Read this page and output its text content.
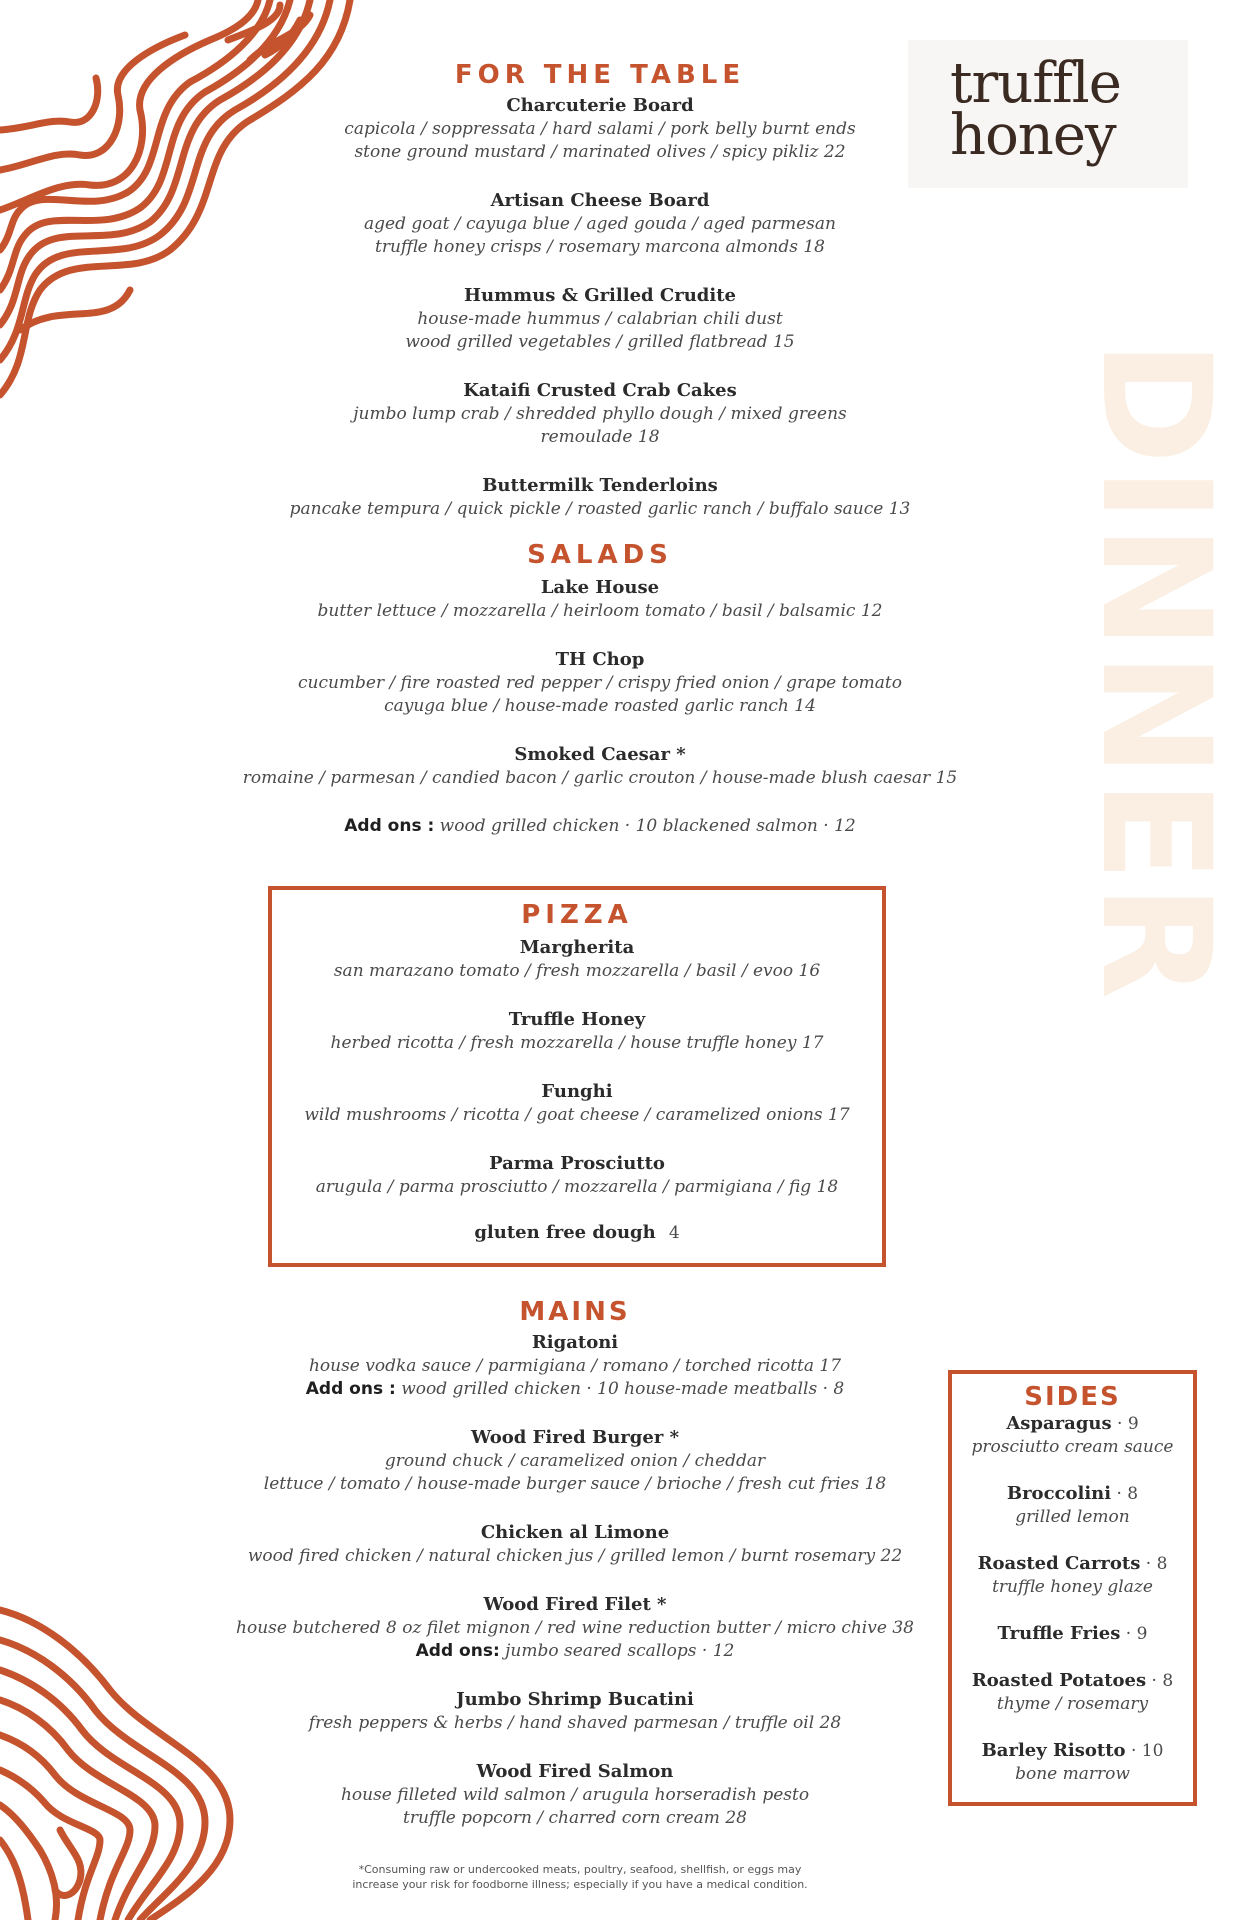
truffle
honey
DINNER
FOR THE TABLE
Charcuterie Board
capicola / soppressata / hard salami / pork belly burnt ends
stone ground mustard / marinated olives / spicy pikliz 22
Artisan Cheese Board
aged goat / cayuga blue / aged gouda / aged parmesan
truffle honey crisps / rosemary marcona almonds 18
Hummus & Grilled Crudite
house-made hummus / calabrian chili dust
wood grilled vegetables / grilled flatbread 15
Kataifi Crusted Crab Cakes
jumbo lump crab / shredded phyllo dough / mixed greens
remoulade 18
Buttermilk Tenderloins
pancake tempura / quick pickle / roasted garlic ranch / buffalo sauce 13
SALADS
Lake House
butter lettuce / mozzarella / heirloom tomato / basil / balsamic 12
TH Chop
cucumber / fire roasted red pepper / crispy fried onion / grape tomato
cayuga blue / house-made roasted garlic ranch 14
Smoked Caesar *
romaine / parmesan / candied bacon / garlic crouton / house-made blush caesar 15
Add ons : wood grilled chicken · 10 blackened salmon · 12
PIZZA
Margherita
san marazano tomato / fresh mozzarella / basil / evoo 16
Truffle Honey
herbed ricotta / fresh mozzarella / house truffle honey 17
Funghi
wild mushrooms / ricotta / goat cheese / caramelized onions 17
Parma Prosciutto
arugula / parma prosciutto / mozzarella / parmigiana / fig 18
gluten free dough 4
MAINS
Rigatoni
house vodka sauce / parmigiana / romano / torched ricotta 17
Add ons : wood grilled chicken · 10 house-made meatballs · 8
Wood Fired Burger *
ground chuck / caramelized onion / cheddar
lettuce / tomato / house-made burger sauce / brioche / fresh cut fries 18
Chicken al Limone
wood fired chicken / natural chicken jus / grilled lemon / burnt rosemary 22
Wood Fired Filet *
house butchered 8 oz filet mignon / red wine reduction butter / micro chive 38
Add ons: jumbo seared scallops · 12
Jumbo Shrimp Bucatini
fresh peppers & herbs / hand shaved parmesan / truffle oil 28
Wood Fired Salmon
house filleted wild salmon / arugula horseradish pesto
truffle popcorn / charred corn cream 28
SIDES
Asparagus · 9
prosciutto cream sauce
Broccolini · 8
grilled lemon
Roasted Carrots · 8
truffle honey glaze
Truffle Fries · 9
Roasted Potatoes · 8
thyme / rosemary
Barley Risotto · 10
bone marrow
*Consuming raw or undercooked meats, poultry, seafood, shellfish, or eggs may
increase your risk for foodborne illness; especially if you have a medical condition.
